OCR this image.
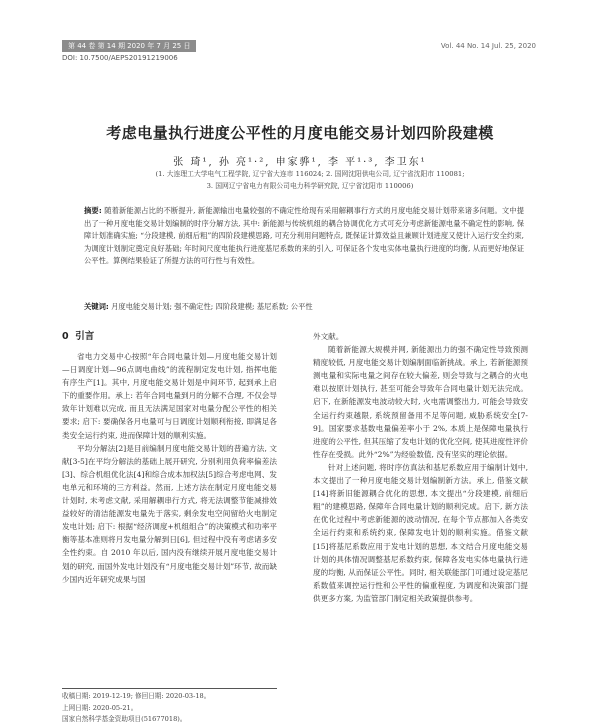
第 44 卷 第 14 期 2020 年 7 月 25 日	Vol. 44 No. 14 Jul. 25, 2020
DOI: 10.7500/AEPS20191219006
考虑电量执行进度公平性的月度电能交易计划四阶段建模
张 琦¹, 孙 亮¹·², 申家骅¹, 李 平¹·³, 李卫东¹
(1. 大连理工大学电气工程学院, 辽宁省大连市 116024; 2. 国网沈阳供电公司, 辽宁省沈阳市 110081;
3. 国网辽宁省电力有限公司电力科学研究院, 辽宁省沈阳市 110006)
摘要: 随着新能源占比的不断提升, 新能源输出电量较强的不确定性给现有采用解耦事行方式的月度电能交易计划带来诸多问题。文中提出了一种月度电能交易计划编制的时序分解方法, 其中: 新能源与传统机组的耦合协调优化方式可充分考虑新能源电量不确定性的影响, 保障计划准确实施; “分段建模, 前细后粗”的四阶段建模思路, 可充分利用问题特点, 既保证计算效益且兼顾计划进度又使计入运行安全约束, 为调度计划制定奠定良好基础; 年时间尺度电能执行进度基尼系数的来的引入, 可保证各个发电实体电量执行进度的均衡, 从而更好地保证公平性。算例结果验证了所提方法的可行性与有效性。
关键词: 月度电能交易计划; 强不确定性; 四阶段建模; 基尼系数; 公平性
0 引言

省电力交易中心按照“年合同电量计划—月度电能交易计划—日调度计划—96点调电曲线”的流程制定发电计划, 指挥电能有序生产[1]。其中, 月度电能交易计划是中间环节, 起到承上启下的重要作用。承上: 若年合同电量到月的分解不合理, 不仅会导致年计划难以完成, 而且无法满足国家对电量分配公平性的相关要求; 启下: 要确保各月电量可与日调度计划顺利衔接, 即满足各类安全运行约束, 进而保障计划的顺利实施。

平均分解法[2]是目前编制月度电能交易计划的普遍方法, 文献[3-5]在平均分解法的基础上展开研究, 分别利用负荷率偏差法[3]、综合机组优化法[4]和综合成本加权法[5]综合考虑电网、发电单元和环境的三方利益。然而, 上述方法在制定月度电能交易计划时, 未考虑文献, 采用解耦串行方式, 将无法调整节能减排效益较好的清洁能源发电量先于落实, 剩余发电空间留给火电制定发电计划; 启下: 根据“经济调度+机组组合”的决策模式和功率平衡等基本准则将月发电量分解到日[6], 但过程中没有考虑诸多安全性约束。自 2010 年以后, 国内没有继续开展月度电能交易计划的研究, 而国外发电计划没有“月度电能交易计划”环节, 故而缺少国内近年研究成果与国

外文献。

随着新能源大规模并网, 新能源出力的强不确定性导致预测精度较低, 月度电能交易计划编制面临新挑战。承上, 若新能源预测电量和实际电量之间存在较大偏差, 则会导致与之耦合的火电难以按原计划执行, 甚至可能会导致年合同电量计划无法完成。启下, 在新能源发电波动较大时, 火电需调整出力, 可能会导致安全运行约束越限, 系统预留备用不足等问题, 威胁系统安全[7-9]。国家要求基数电量偏差率小于 2%, 本质上是保障电量执行进度的公平性, 但其压缩了发电计划的优化空间, 使其进度性评价性存在受损。此外“2%”为经验数值, 没有坚实的理论依据。

针对上述问题, 将时序仿真法和基尼系数应用于编制计划中, 本文提出了一种月度电能交易计划编制新方法。承上, 借鉴文献[14]将新旧能源耦合优化的思想, 本文提出“分段建模, 前细后粗”的建模思路, 保障年合同电量计划的顺利完成。启下, 新方法在优化过程中考虑新能源的波动情况, 在每个节点都加入各类安全运行约束和系统约束, 保障发电计划的顺利实施。借鉴文献[15]将基尼系数应用于发电计划的思想, 本文结合月度电能交易计划的具体情况调整基尼系数约束, 保障各发电实体电量执行进度的均衡, 从而保证公平性。同时, 相关联能部门可通过设定基尼系数值来调控运行性和公平性的偏重程度, 为调度和决策部门提供更多方案, 为监管部门制定相关政策提供参考。

收稿日期: 2019-12-19; 修回日期: 2020-03-18。
上网日期: 2020-05-21。
国家自然科学基金资助项目(51677018)。
